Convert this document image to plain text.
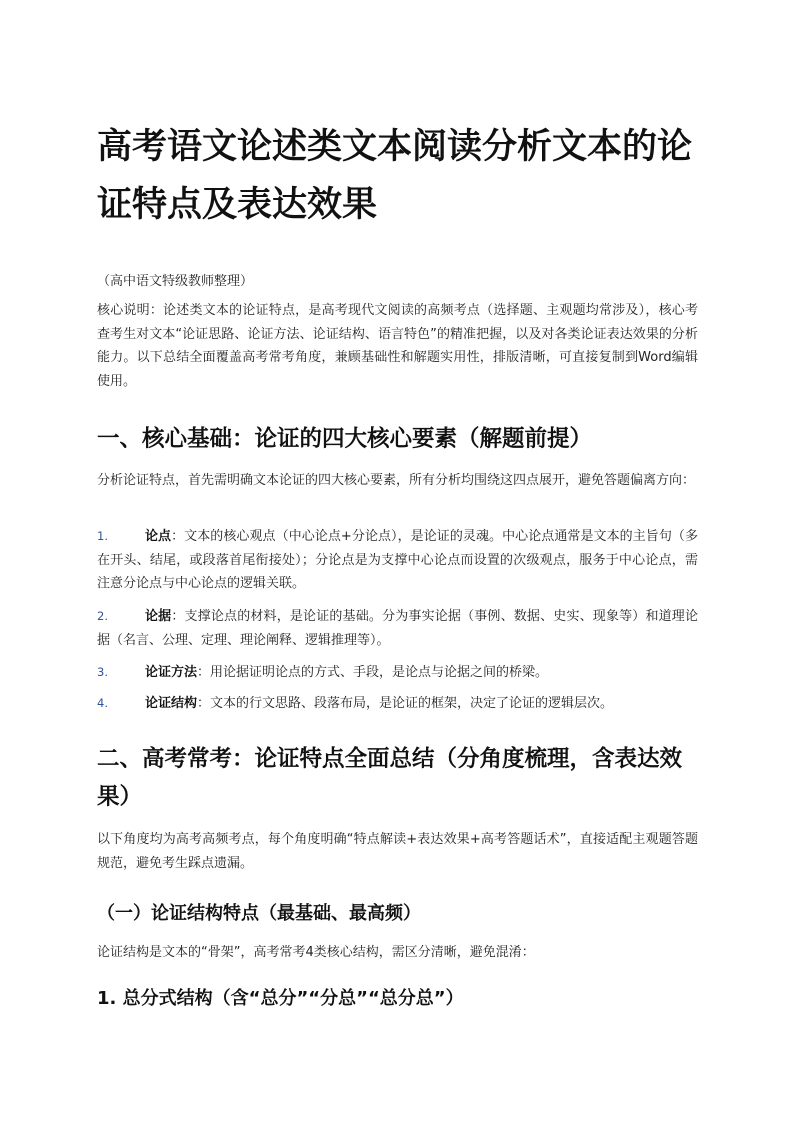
高考语文论述类文本阅读分析文本的论证特点及表达效果

（高中语文特级教师整理）

核心说明：论述类文本的论证特点，是高考现代文阅读的高频考点（选择题、主观题均常涉及），核心考查考生对文本“论证思路、论证方法、论证结构、语言特色”的精准把握，以及对各类论证表达效果的分析能力。以下总结全面覆盖高考常考角度，兼顾基础性和解题实用性，排版清晰，可直接复制到Word编辑使用。

一、核心基础：论证的四大核心要素（解题前提）

分析论证特点，首先需明确文本论证的四大核心要素，所有分析均围绕这四点展开，避免答题偏离方向：

1.	论点：文本的核心观点（中心论点+分论点），是论证的灵魂。中心论点通常是文本的主旨句（多在开头、结尾，或段落首尾衔接处）；分论点是为支撑中心论点而设置的次级观点，服务于中心论点，需注意分论点与中心论点的逻辑关联。
2.	论据：支撑论点的材料，是论证的基础。分为事实论据（事例、数据、史实、现象等）和道理论据（名言、公理、定理、理论阐释、逻辑推理等）。
3.	论证方法：用论据证明论点的方式、手段，是论点与论据之间的桥梁。
4.	论证结构：文本的行文思路、段落布局，是论证的框架，决定了论证的逻辑层次。
二、高考常考：论证特点全面总结（分角度梳理，含表达效果）

以下角度均为高考高频考点，每个角度明确“特点解读+表达效果+高考答题话术”，直接适配主观题答题规范，避免考生踩点遗漏。

（一）论证结构特点（最基础、最高频）

论证结构是文本的“骨架”，高考常考4类核心结构，需区分清晰，避免混淆：

1. 总分式结构（含“总分”“分总”“总分总”）
